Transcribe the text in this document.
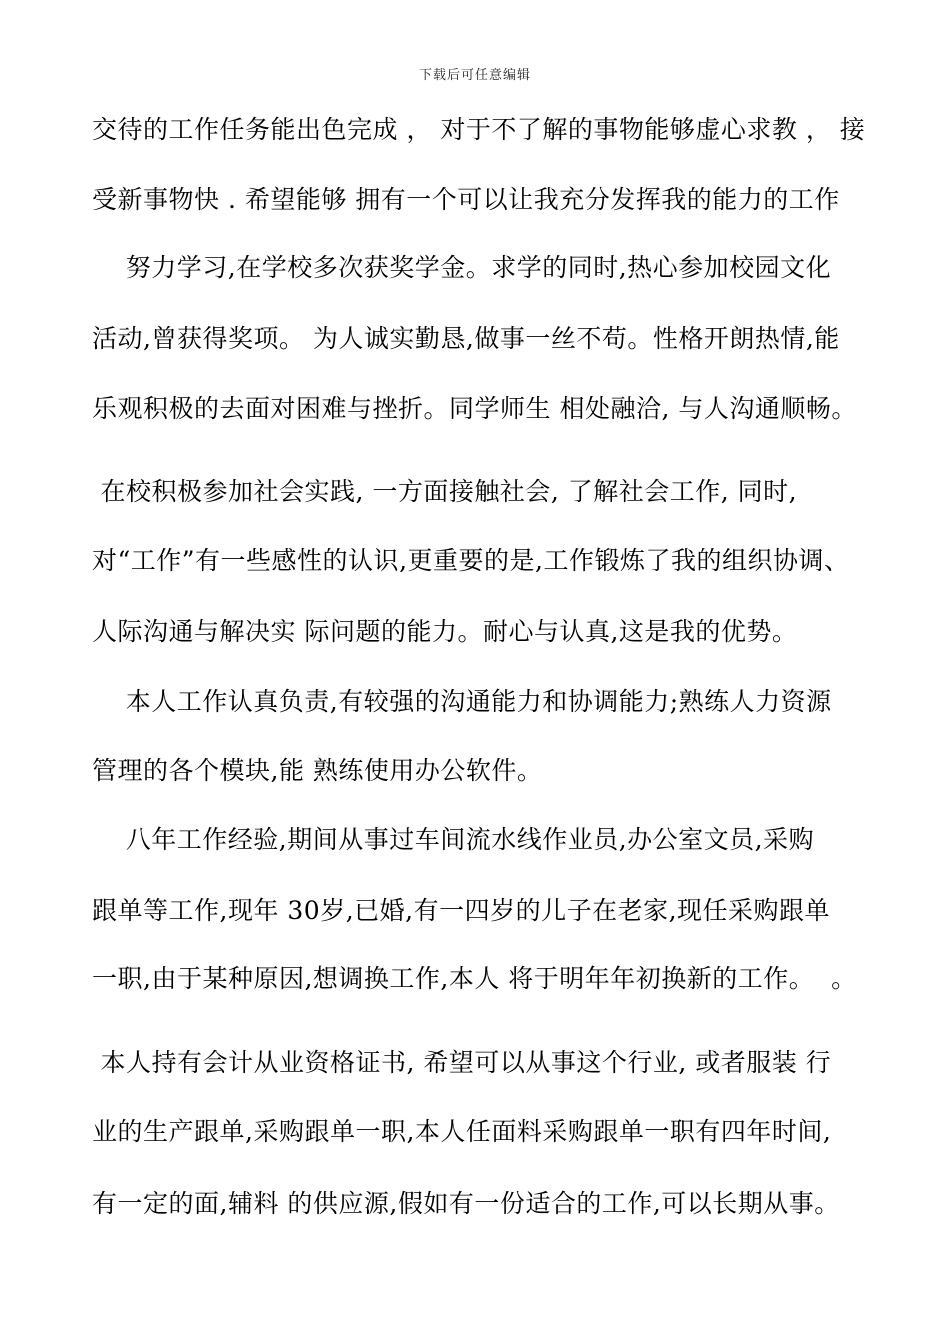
下载后可任意编辑
交待的工作任务能出色完成 ， 对于不了解的事物能够虚心求教 ， 接
受新事物快 . 希望能够 拥有一个可以让我充分发挥我的能力的工作
努力学习,在学校多次获奖学金。求学的同时,热心参加校园文化
活动,曾获得奖项。 为人诚实勤恳,做事一丝不苟。性格开朗热情,能
乐观积极的去面对困难与挫折。同学师生 相处融洽, 与人沟通顺畅。
在校积极参加社会实践, 一方面接触社会, 了解社会工作, 同时,
对“工作”有一些感性的认识,更重要的是,工作锻炼了我的组织协调、
人际沟通与解决实 际问题的能力。耐心与认真,这是我的优势。
本人工作认真负责,有较强的沟通能力和协调能力;熟练人力资源
管理的各个模块,能 熟练使用办公软件。
八年工作经验,期间从事过车间流水线作业员,办公室文员,采购
跟单等工作,现年 30岁,已婚,有一四岁的儿子在老家,现任采购跟单
一职,由于某种原因,想调换工作,本人 将于明年年初换新的工作。  。
本人持有会计从业资格证书, 希望可以从事这个行业, 或者服装 行
业的生产跟单,采购跟单一职,本人任面料采购跟单一职有四年时间,
有一定的面,辅料 的供应源,假如有一份适合的工作,可以长期从事。
